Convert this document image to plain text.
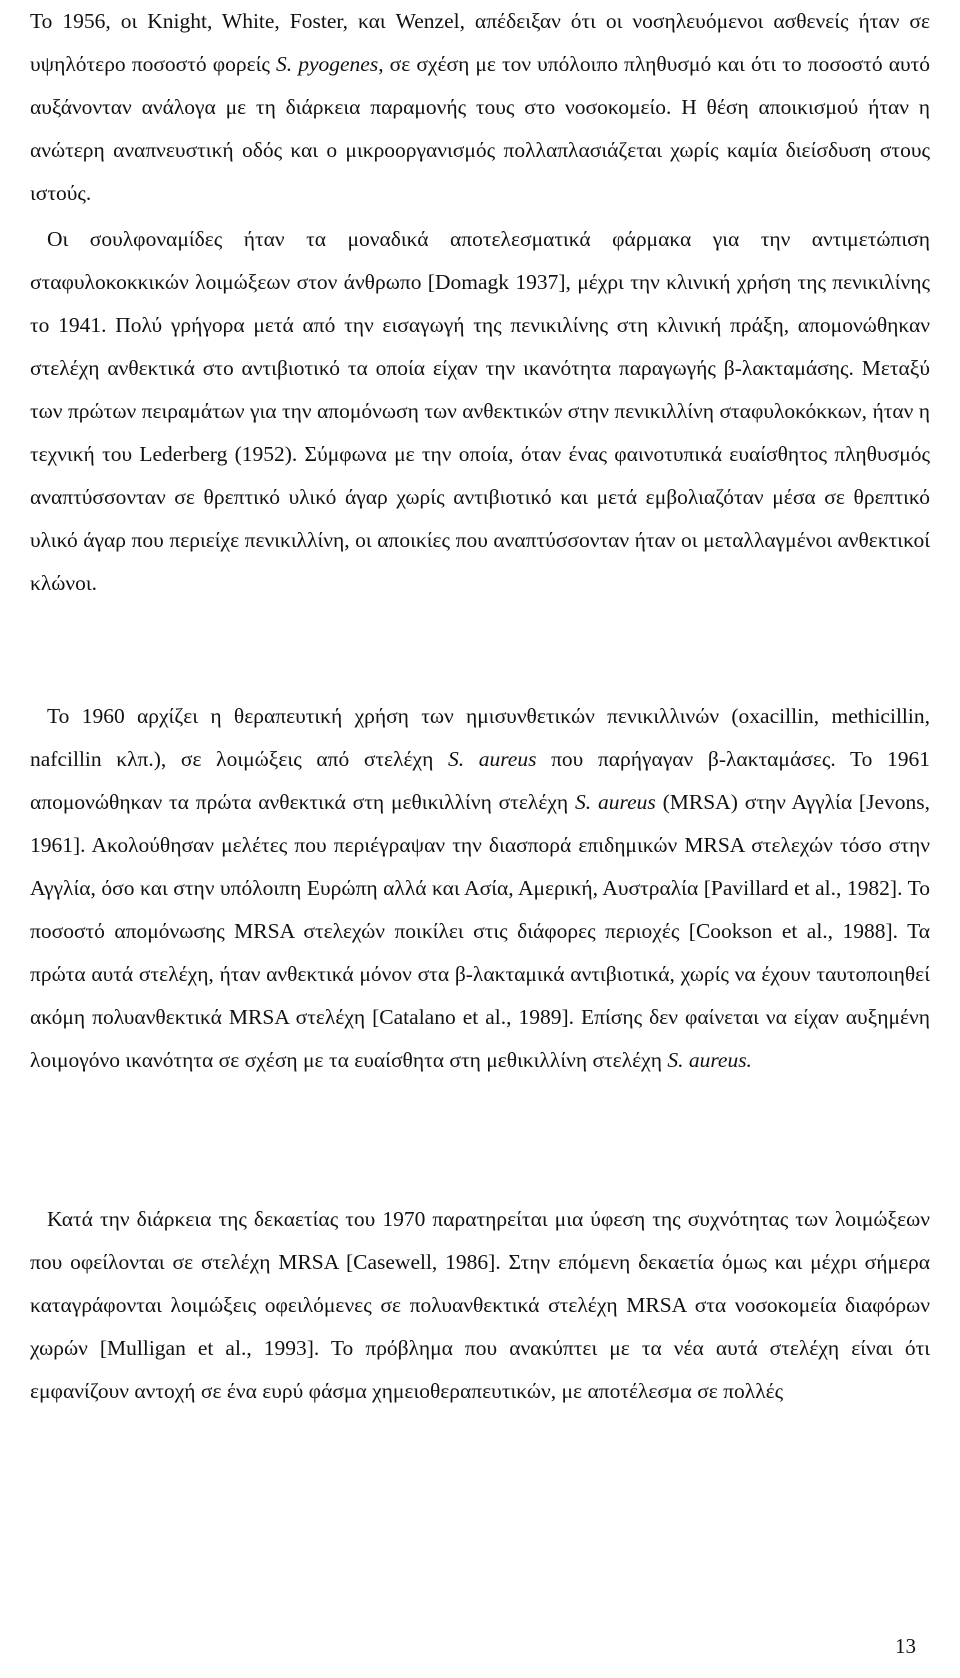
Το 1956, οι Knight, White, Foster, και Wenzel, απέδειξαν ότι οι νοσηλευόμενοι ασθενείς ήταν σε υψηλότερο ποσοστό φορείς S. pyogenes, σε σχέση με τον υπόλοιπο πληθυσμό και ότι το ποσοστό αυτό αυξάνονταν ανάλογα με τη διάρκεια παραμονής τους στο νοσοκομείο. Η θέση αποικισμού ήταν η ανώτερη αναπνευστική οδός και ο μικροοργανισμός πολλαπλασιάζεται χωρίς καμία διείσδυση στους ιστούς.

Οι σουλφοναμίδες ήταν τα μοναδικά αποτελεσματικά φάρμακα για την αντιμετώπιση σταφυλοκοκκικών λοιμώξεων στον άνθρωπο [Domagk 1937], μέχρι την κλινική χρήση της πενικιλίνης το 1941. Πολύ γρήγορα μετά από την εισαγωγή της πενικιλίνης στη κλινική πράξη, απομονώθηκαν στελέχη ανθεκτικά στο αντιβιοτικό τα οποία είχαν την ικανότητα παραγωγής β-λακταμάσης. Μεταξύ των πρώτων πειραμάτων για την απομόνωση των ανθεκτικών στην πενικιλλίνη σταφυλοκόκκων, ήταν η τεχνική του Lederberg (1952). Σύμφωνα με την οποία, όταν ένας φαινοτυπικά ευαίσθητος πληθυσμός αναπτύσσονταν σε θρεπτικό υλικό άγαρ χωρίς αντιβιοτικό και μετά εμβολιαζόταν μέσα σε θρεπτικό υλικό άγαρ που περιείχε πενικιλλίνη, οι αποικίες που αναπτύσσονταν ήταν οι μεταλλαγμένοι ανθεκτικοί κλώνοι.

Το 1960 αρχίζει η θεραπευτική χρήση των ημισυνθετικών πενικιλλινών (oxacillin, methicillin, nafcillin κλπ.), σε λοιμώξεις από στελέχη S. aureus που παρήγαγαν β-λακταμάσες. Το 1961 απομονώθηκαν τα πρώτα ανθεκτικά στη μεθικιλλίνη στελέχη S. aureus (MRSA) στην Αγγλία [Jevons, 1961]. Ακολούθησαν μελέτες που περιέγραψαν την διασπορά επιδημικών MRSA στελεχών τόσο στην Αγγλία, όσο και στην υπόλοιπη Ευρώπη αλλά και Ασία, Αμερική, Αυστραλία [Pavillard et al., 1982]. Το ποσοστό απομόνωσης MRSA στελεχών ποικίλει στις διάφορες περιοχές [Cookson et al., 1988]. Τα πρώτα αυτά στελέχη, ήταν ανθεκτικά μόνον στα β-λακταμικά αντιβιοτικά, χωρίς να έχουν ταυτοποιηθεί ακόμη πολυανθεκτικά MRSA στελέχη [Catalano et al., 1989]. Επίσης δεν φαίνεται να είχαν αυξημένη λοιμογόνο ικανότητα σε σχέση με τα ευαίσθητα στη μεθικιλλίνη στελέχη S. aureus.

Κατά την διάρκεια της δεκαετίας του 1970 παρατηρείται μια ύφεση της συχνότητας των λοιμώξεων που οφείλονται σε στελέχη MRSA [Casewell, 1986]. Στην επόμενη δεκαετία όμως και μέχρι σήμερα καταγράφονται λοιμώξεις οφειλόμενες σε πολυανθεκτικά στελέχη MRSA στα νοσοκομεία διαφόρων χωρών [Mulligan et al., 1993]. Το πρόβλημα που ανακύπτει με τα νέα αυτά στελέχη είναι ότι εμφανίζουν αντοχή σε ένα ευρύ φάσμα χημειοθεραπευτικών, με αποτέλεσμα σε πολλές

13
